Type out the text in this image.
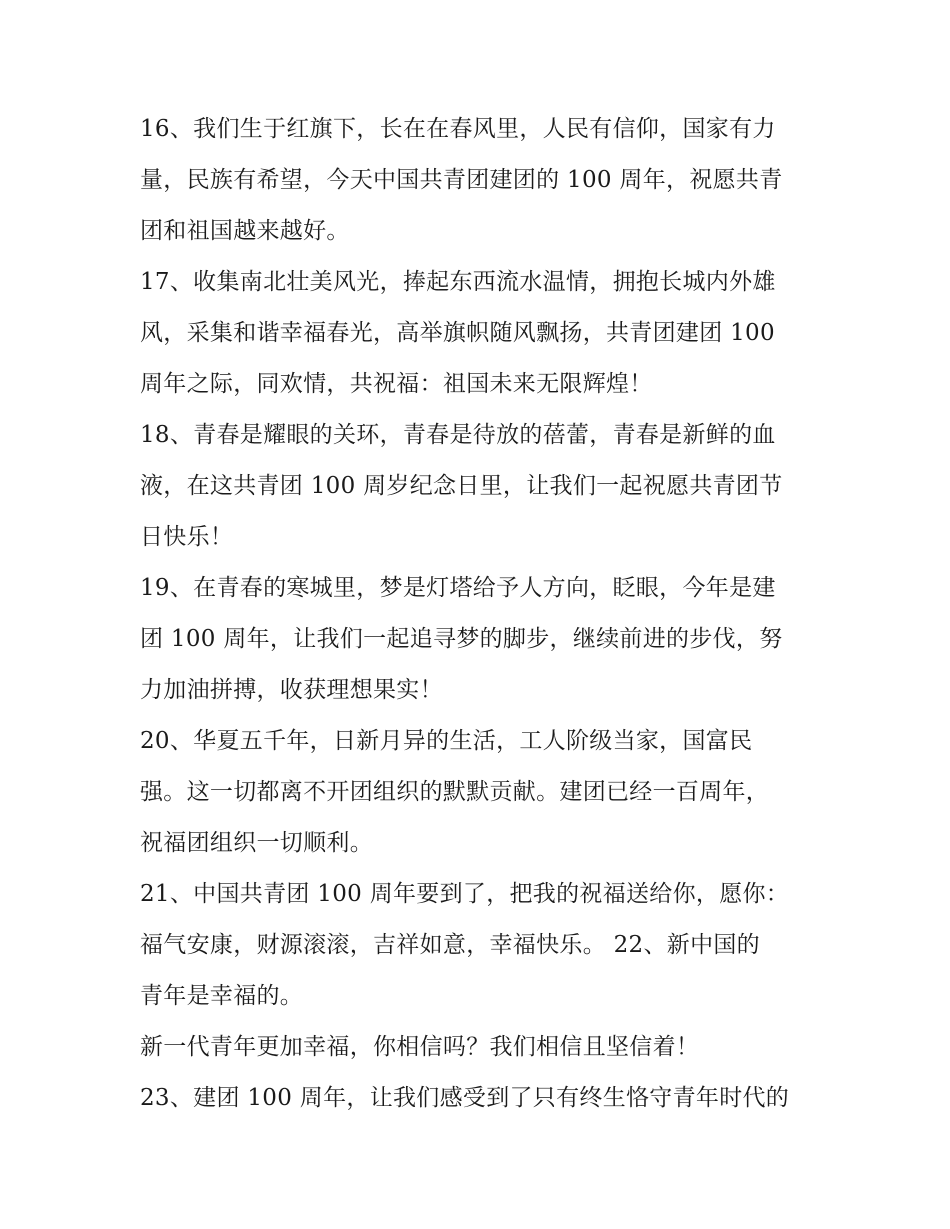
16、我们生于红旗下，长在在春风里，人民有信仰，国家有力
量，民族有希望，今天中国共青团建团的 100 周年，祝愿共青
团和祖国越来越好。
17、收集南北壮美风光，捧起东西流水温情，拥抱长城内外雄
风，采集和谐幸福春光，高举旗帜随风飘扬，共青团建团 100
周年之际，同欢情，共祝福：祖国未来无限辉煌！
18、青春是耀眼的关环，青春是待放的蓓蕾，青春是新鲜的血
液，在这共青团 100 周岁纪念日里，让我们一起祝愿共青团节
日快乐！
19、在青春的寒城里，梦是灯塔给予人方向，眨眼，今年是建
团 100 周年，让我们一起追寻梦的脚步，继续前进的步伐，努
力加油拼搏，收获理想果实！
20、华夏五千年，日新月异的生活，工人阶级当家，国富民
强。这一切都离不开团组织的默默贡献。建团已经一百周年，
祝福团组织一切顺利。
21、中国共青团 100 周年要到了，把我的祝福送给你，愿你：
福气安康，财源滚滚，吉祥如意，幸福快乐。 22、新中国的
青年是幸福的。
新一代青年更加幸福，你相信吗？我们相信且坚信着！
23、建团 100 周年，让我们感受到了只有终生恪守青年时代的
